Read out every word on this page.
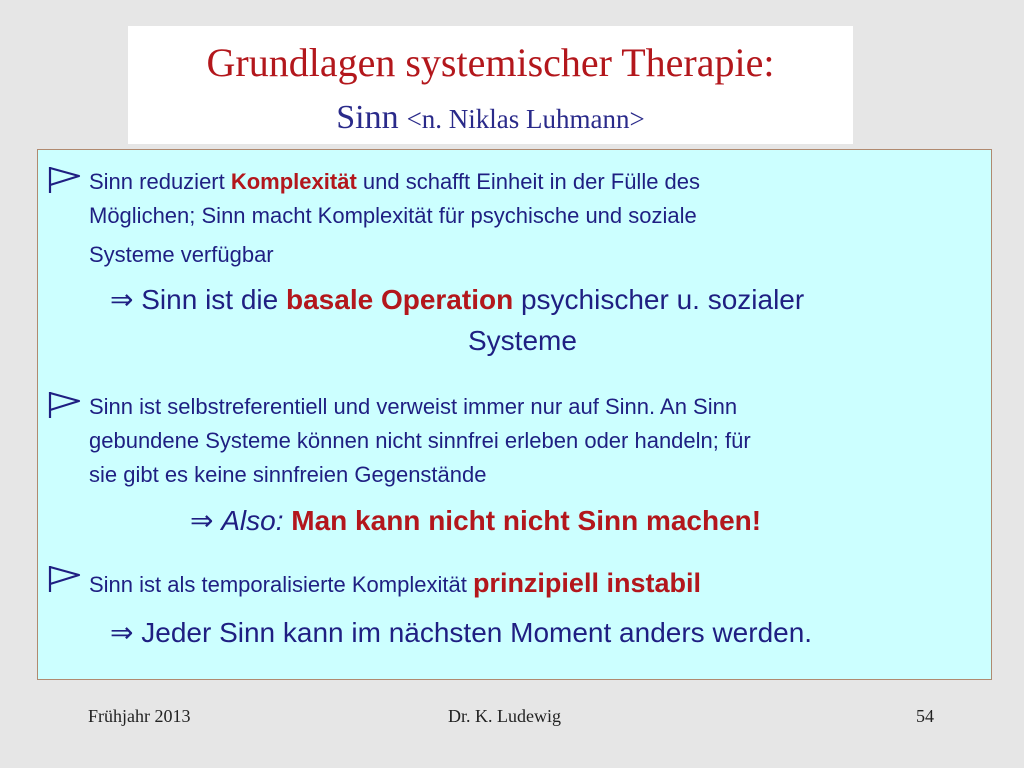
Grundlagen systemischer Therapie:
Sinn <n. Niklas Luhmann>
Sinn reduziert Komplexität und schafft Einheit in der Fülle des
Möglichen; Sinn macht Komplexität für psychische und soziale
Systeme verfügbar
⇒ Sinn ist die basale Operation psychischer u. sozialer
Systeme
Sinn ist selbstreferentiell und verweist immer nur auf Sinn. An Sinn
gebundene Systeme können nicht sinnfrei erleben oder handeln; für
sie gibt es keine sinnfreien Gegenstände
⇒ Also: Man kann nicht nicht Sinn machen!
Sinn ist als temporalisierte Komplexität prinzipiell instabil
⇒ Jeder Sinn kann im nächsten Moment anders werden.
Frühjahr 2013	Dr. K. Ludewig	54
